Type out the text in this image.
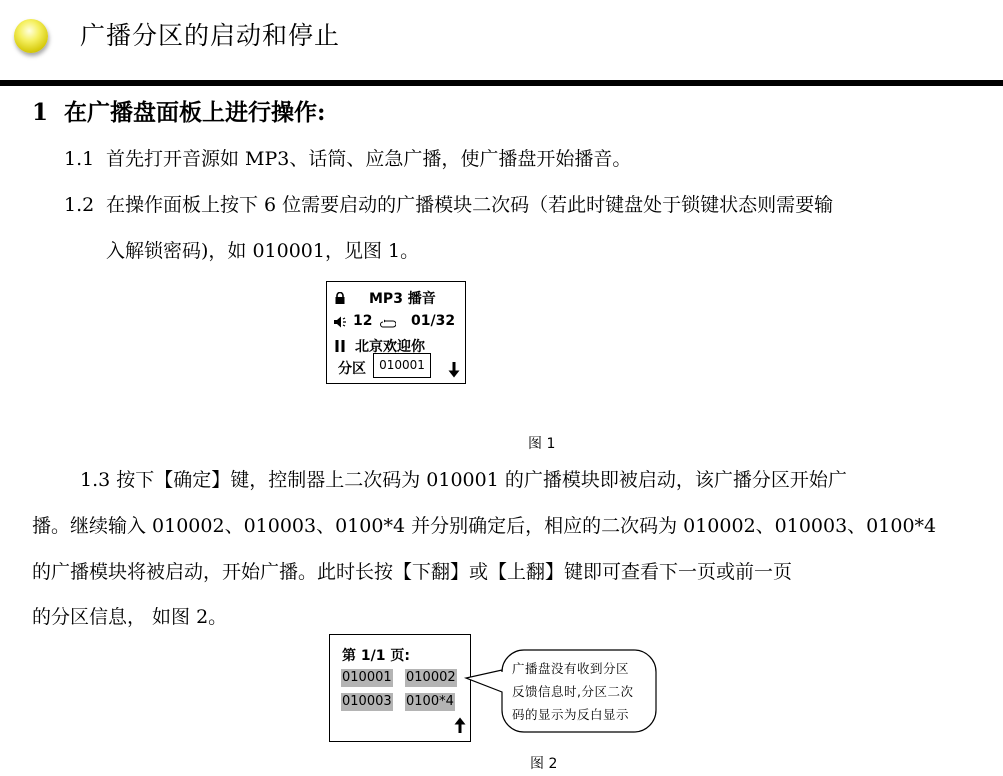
广播分区的启动和停止
1 在广播盘面板上进行操作:
1.1 首先打开音源如 MP3、话筒、应急广播，使广播盘开始播音。
1.2 在操作面板上按下 6 位需要启动的广播模块二次码（若此时键盘处于锁键状态则需要输
入解锁密码)，如 010001，见图 1。
MP3 播音
12	01/32
北京欢迎你
分区	010001
图 1
1.3 按下【确定】键，控制器上二次码为 010001 的广播模块即被启动，该广播分区开始广
播。继续输入 010002、010003、0100*4 并分别确定后，相应的二次码为 010002、010003、0100*4
的广播模块将被启动，开始广播。此时长按【下翻】或【上翻】键即可查看下一页或前一页
的分区信息， 如图 2。
第 1/1 页:
010001 010002
010003 0100*4
广播盘没有收到分区
反馈信息时,分区二次
码的显示为反白显示
图 2
